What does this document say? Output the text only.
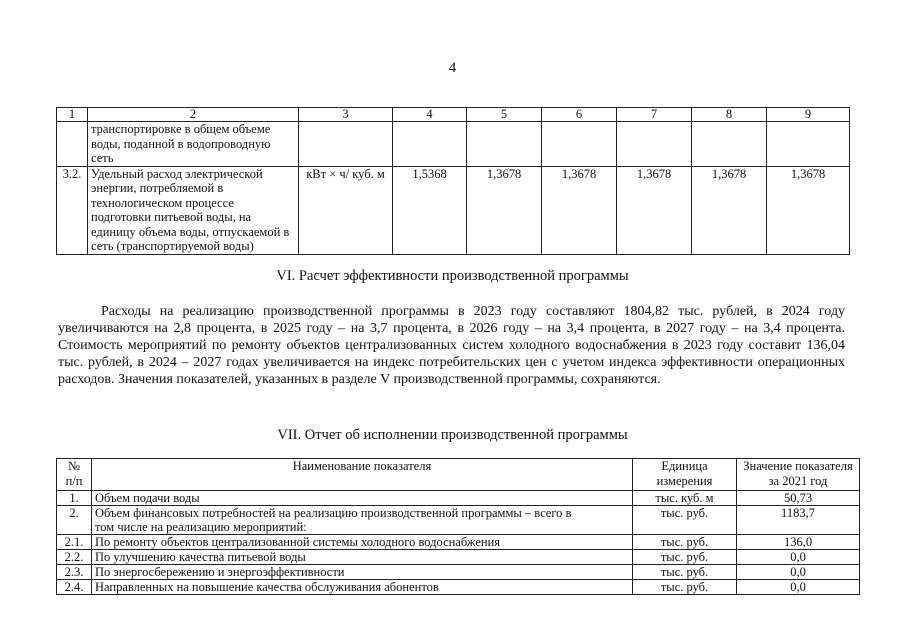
4
1	2	3	4	5	6	7	8	9
	транспортировке в общем объеме воды, поданной в водопроводную сеть							
3.2.	Удельный расход электрической энергии, потребляемой в технологическом процессе подготовки питьевой воды, на единицу объема воды, отпускаемой в сеть (транспортируемой воды)	кВт × ч/ куб. м	1,5368	1,3678	1,3678	1,3678	1,3678	1,3678
VI. Расчет эффективности производственной программы

Расходы на реализацию производственной программы в 2023 году составляют 1804,82 тыс. рублей, в 2024 году увеличиваются на 2,8 процента, в 2025 году – на 3,7 процента, в 2026 году – на 3,4 процента, в 2027 году – на 3,4 процента. Стоимость мероприятий по ремонту объектов централизованных систем холодного водоснабжения в 2023 году составит 136,04 тыс. рублей, в 2024 – 2027 годах увеличивается на индекс потребительских цен с учетом индекса эффективности операционных расходов. Значения показателей, указанных в разделе V производственной программы, сохраняются.

VII. Отчет об исполнении производственной программы
№ п/п	Наименование показателя	Единица измерения	Значение показателя за 2021 год
1.	Объем подачи воды	тыс. куб. м	50,73
2.	Объем финансовых потребностей на реализацию производственной программы – всего в том числе на реализацию мероприятий:	тыс. руб.	1183,7
2.1.	По ремонту объектов централизованной системы холодного водоснабжения	тыс. руб.	136,0
2.2.	По улучшению качества питьевой воды	тыс. руб.	0,0
2.3.	По энергосбережению и энергоэффективности	тыс. руб.	0,0
2.4.	Направленных на повышение качества обслуживания абонентов	тыс. руб.	0,0
